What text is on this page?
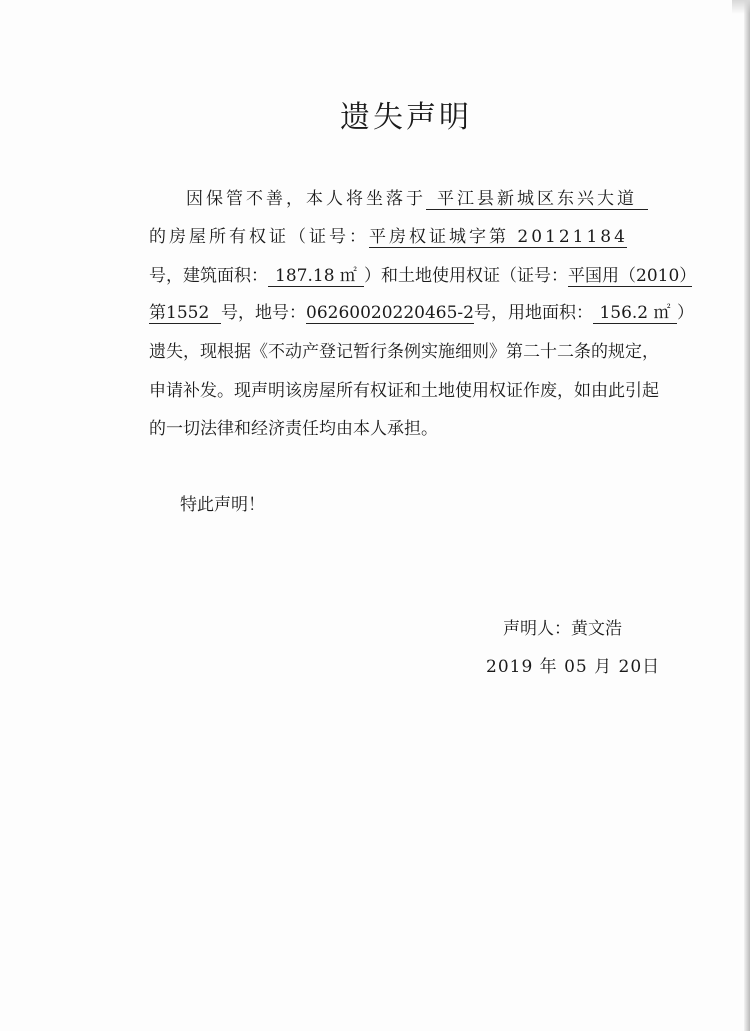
遗失声明
因保管不善，本人将坐落于 平江县新城区东兴大道
的房屋所有权证（证号：平房权证城字第 20121184
号，建筑面积： 187.18 ㎡ ）和土地使用权证（证号：平国用（2010）
第1552 号，地号：06260020220465-2号，用地面积： 156.2 ㎡ ）
遗失，现根据《不动产登记暂行条例实施细则》第二十二条的规定，
申请补发。现声明该房屋所有权证和土地使用权证作废，如由此引起
的一切法律和经济责任均由本人承担。
特此声明！
声明人：黄文浩
2019 年 05 月 20日
